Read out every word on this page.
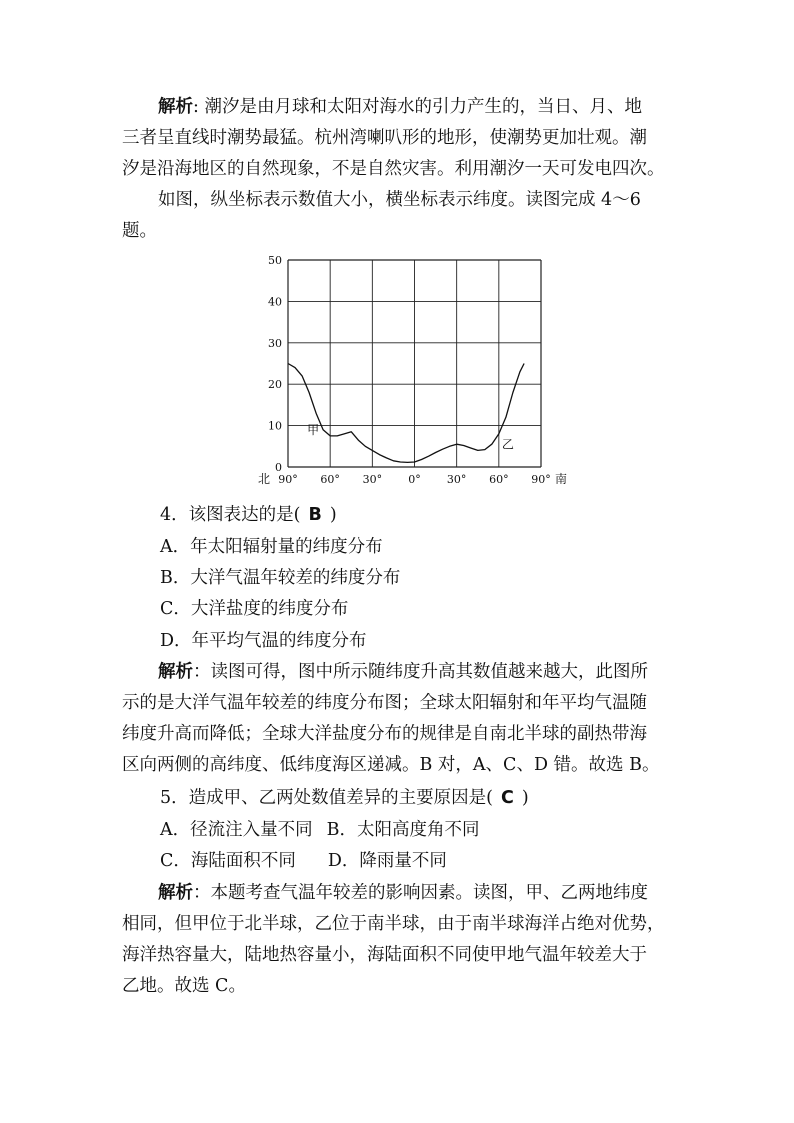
解析: 潮汐是由月球和太阳对海水的引力产生的，当日、月、地
三者呈直线时潮势最猛。杭州湾喇叭形的地形，使潮势更加壮观。潮
汐是沿海地区的自然现象，不是自然灾害。利用潮汐一天可发电四次。
如图，纵坐标表示数值大小，横坐标表示纬度。读图完成 4～6
题。
0
10
20
30
40
50
90° 60° 30° 0° 30° 60° 90°
北	南
甲
乙

4．该图表达的是( B )

A．年太阳辐射量的纬度分布

B．大洋气温年较差的纬度分布

C．大洋盐度的纬度分布

D．年平均气温的纬度分布

解析：读图可得，图中所示随纬度升高其数值越来越大，此图所
示的是大洋气温年较差的纬度分布图；全球太阳辐射和年平均气温随
纬度升高而降低；全球大洋盐度分布的规律是自南北半球的副热带海
区向两侧的高纬度、低纬度海区递减。B 对，A、C、D 错。故选 B。

5．造成甲、乙两处数值差异的主要原因是( C )

A．径流注入量不同 B．太阳高度角不同

C．海陆面积不同 D．降雨量不同

解析：本题考查气温年较差的影响因素。读图，甲、乙两地纬度
相同，但甲位于北半球，乙位于南半球，由于南半球海洋占绝对优势，
海洋热容量大，陆地热容量小，海陆面积不同使甲地气温年较差大于
乙地。故选 C。
